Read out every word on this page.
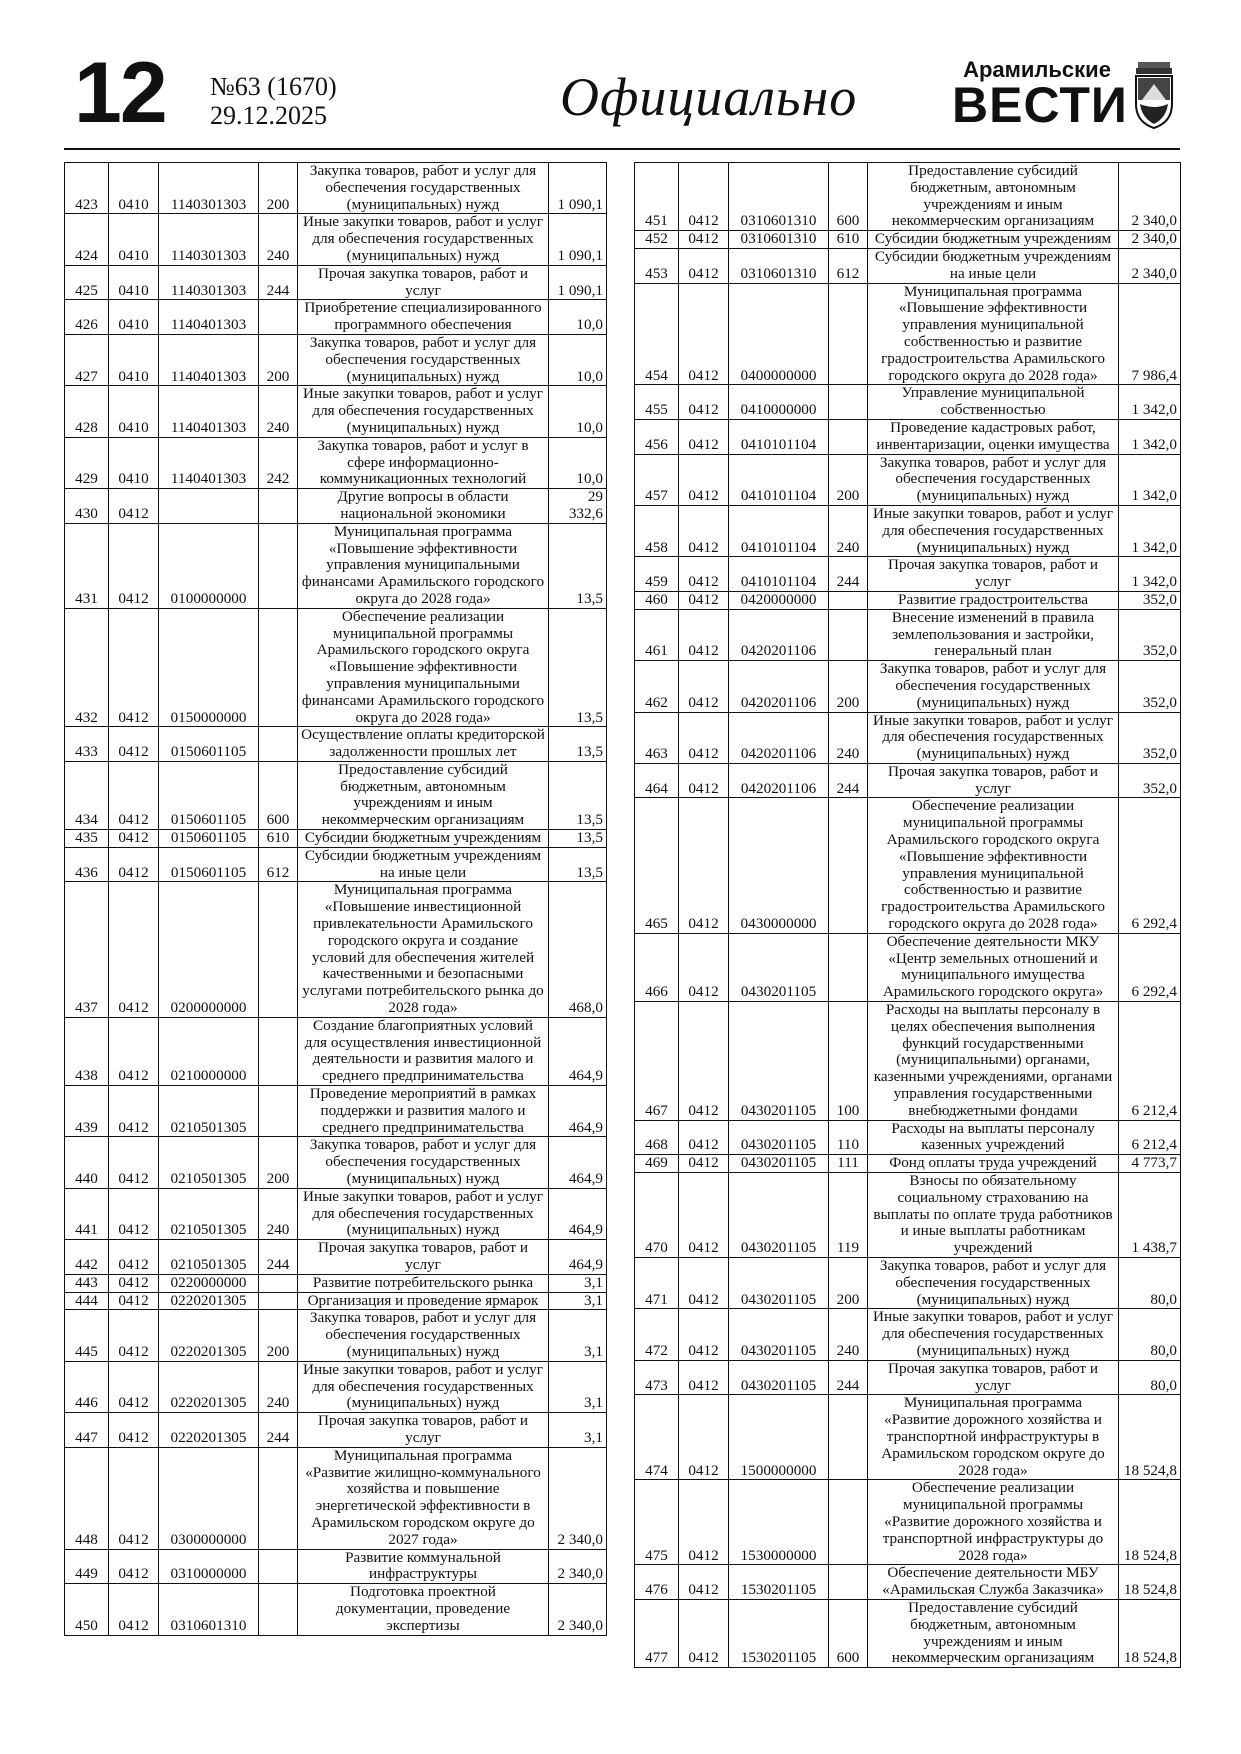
12 №63 (1670)
29.12.2025	Официально	Арамильские
ВЕСТИ
423	0410	1140301303	200	Закупка товаров, работ и услуг для обеспечения государственных (муниципальных) нужд	1 090,1
424	0410	1140301303	240	Иные закупки товаров, работ и услуг для обеспечения государственных (муниципальных) нужд	1 090,1
425	0410	1140301303	244	Прочая закупка товаров, работ и услуг	1 090,1
426	0410	1140401303		Приобретение специализированного программного обеспечения	10,0
427	0410	1140401303	200	Закупка товаров, работ и услуг для обеспечения государственных (муниципальных) нужд	10,0
428	0410	1140401303	240	Иные закупки товаров, работ и услуг для обеспечения государственных (муниципальных) нужд	10,0
429	0410	1140401303	242	Закупка товаров, работ и услуг в сфере информационно-коммуникационных технологий	10,0
430	0412			Другие вопросы в области национальной экономики	29 332,6
431	0412	0100000000		Муниципальная программа «Повышение эффективности управления муниципальными финансами Арамильского городского округа до 2028 года»	13,5
432	0412	0150000000		Обеспечение реализации муниципальной программы Арамильского городского округа «Повышение эффективности управления муниципальными финансами Арамильского городского округа до 2028 года»	13,5
433	0412	0150601105		Осуществление оплаты кредиторской задолженности прошлых лет	13,5
434	0412	0150601105	600	Предоставление субсидий бюджетным, автономным учреждениям и иным некоммерческим организациям	13,5
435	0412	0150601105	610	Субсидии бюджетным учреждениям	13,5
436	0412	0150601105	612	Субсидии бюджетным учреждениям на иные цели	13,5
437	0412	0200000000		Муниципальная программа «Повышение инвестиционной привлекательности Арамильского городского округа и создание условий для обеспечения жителей качественными и безопасными услугами потребительского рынка до 2028 года»	468,0
438	0412	0210000000		Создание благоприятных условий для осуществления инвестиционной деятельности и развития малого и среднего предпринимательства	464,9
439	0412	0210501305		Проведение мероприятий в рамках поддержки и развития малого и среднего предпринимательства	464,9
440	0412	0210501305	200	Закупка товаров, работ и услуг для обеспечения государственных (муниципальных) нужд	464,9
441	0412	0210501305	240	Иные закупки товаров, работ и услуг для обеспечения государственных (муниципальных) нужд	464,9
442	0412	0210501305	244	Прочая закупка товаров, работ и услуг	464,9
443	0412	0220000000		Развитие потребительского рынка	3,1
444	0412	0220201305		Организация и проведение ярмарок	3,1
445	0412	0220201305	200	Закупка товаров, работ и услуг для обеспечения государственных (муниципальных) нужд	3,1
446	0412	0220201305	240	Иные закупки товаров, работ и услуг для обеспечения государственных (муниципальных) нужд	3,1
447	0412	0220201305	244	Прочая закупка товаров, работ и услуг	3,1
448	0412	0300000000		Муниципальная программа «Развитие жилищно-коммунального хозяйства и повышение энергетической эффективности в Арамильском городском округе до 2027 года»	2 340,0
449	0412	0310000000		Развитие коммунальной инфраструктуры	2 340,0
450	0412	0310601310		Подготовка проектной документации, проведение экспертизы	2 340,0
451	0412	0310601310	600	Предоставление субсидий бюджетным, автономным учреждениям и иным некоммерческим организациям	2 340,0
452	0412	0310601310	610	Субсидии бюджетным учреждениям	2 340,0
453	0412	0310601310	612	Субсидии бюджетным учреждениям на иные цели	2 340,0
454	0412	0400000000		Муниципальная программа «Повышение эффективности управления муниципальной собственностью и развитие градостроительства Арамильского городского округа до 2028 года»	7 986,4
455	0412	0410000000		Управление муниципальной собственностью	1 342,0
456	0412	0410101104		Проведение кадастровых работ, инвентаризации, оценки имущества	1 342,0
457	0412	0410101104	200	Закупка товаров, работ и услуг для обеспечения государственных (муниципальных) нужд	1 342,0
458	0412	0410101104	240	Иные закупки товаров, работ и услуг для обеспечения государственных (муниципальных) нужд	1 342,0
459	0412	0410101104	244	Прочая закупка товаров, работ и услуг	1 342,0
460	0412	0420000000		Развитие градостроительства	352,0
461	0412	0420201106		Внесение изменений в правила землепользования и застройки, генеральный план	352,0
462	0412	0420201106	200	Закупка товаров, работ и услуг для обеспечения государственных (муниципальных) нужд	352,0
463	0412	0420201106	240	Иные закупки товаров, работ и услуг для обеспечения государственных (муниципальных) нужд	352,0
464	0412	0420201106	244	Прочая закупка товаров, работ и услуг	352,0
465	0412	0430000000		Обеспечение реализации муниципальной программы Арамильского городского округа «Повышение эффективности управления муниципальной собственностью и развитие градостроительства Арамильского городского округа до 2028 года»	6 292,4
466	0412	0430201105		Обеспечение деятельности МКУ «Центр земельных отношений и муниципального имущества Арамильского городского округа»	6 292,4
467	0412	0430201105	100	Расходы на выплаты персоналу в целях обеспечения выполнения функций государственными (муниципальными) органами, казенными учреждениями, органами управления государственными внебюджетными фондами	6 212,4
468	0412	0430201105	110	Расходы на выплаты персоналу казенных учреждений	6 212,4
469	0412	0430201105	111	Фонд оплаты труда учреждений	4 773,7
470	0412	0430201105	119	Взносы по обязательному социальному страхованию на выплаты по оплате труда работников и иные выплаты работникам учреждений	1 438,7
471	0412	0430201105	200	Закупка товаров, работ и услуг для обеспечения государственных (муниципальных) нужд	80,0
472	0412	0430201105	240	Иные закупки товаров, работ и услуг для обеспечения государственных (муниципальных) нужд	80,0
473	0412	0430201105	244	Прочая закупка товаров, работ и услуг	80,0
474	0412	1500000000		Муниципальная программа «Развитие дорожного хозяйства и транспортной инфраструктуры в Арамильском городском округе до 2028 года»	18 524,8
475	0412	1530000000		Обеспечение реализации муниципальной программы «Развитие дорожного хозяйства и транспортной инфраструктуры до 2028 года»	18 524,8
476	0412	1530201105		Обеспечение деятельности МБУ «Арамильская Служба Заказчика»	18 524,8
477	0412	1530201105	600	Предоставление субсидий бюджетным, автономным учреждениям и иным некоммерческим организациям	18 524,8
